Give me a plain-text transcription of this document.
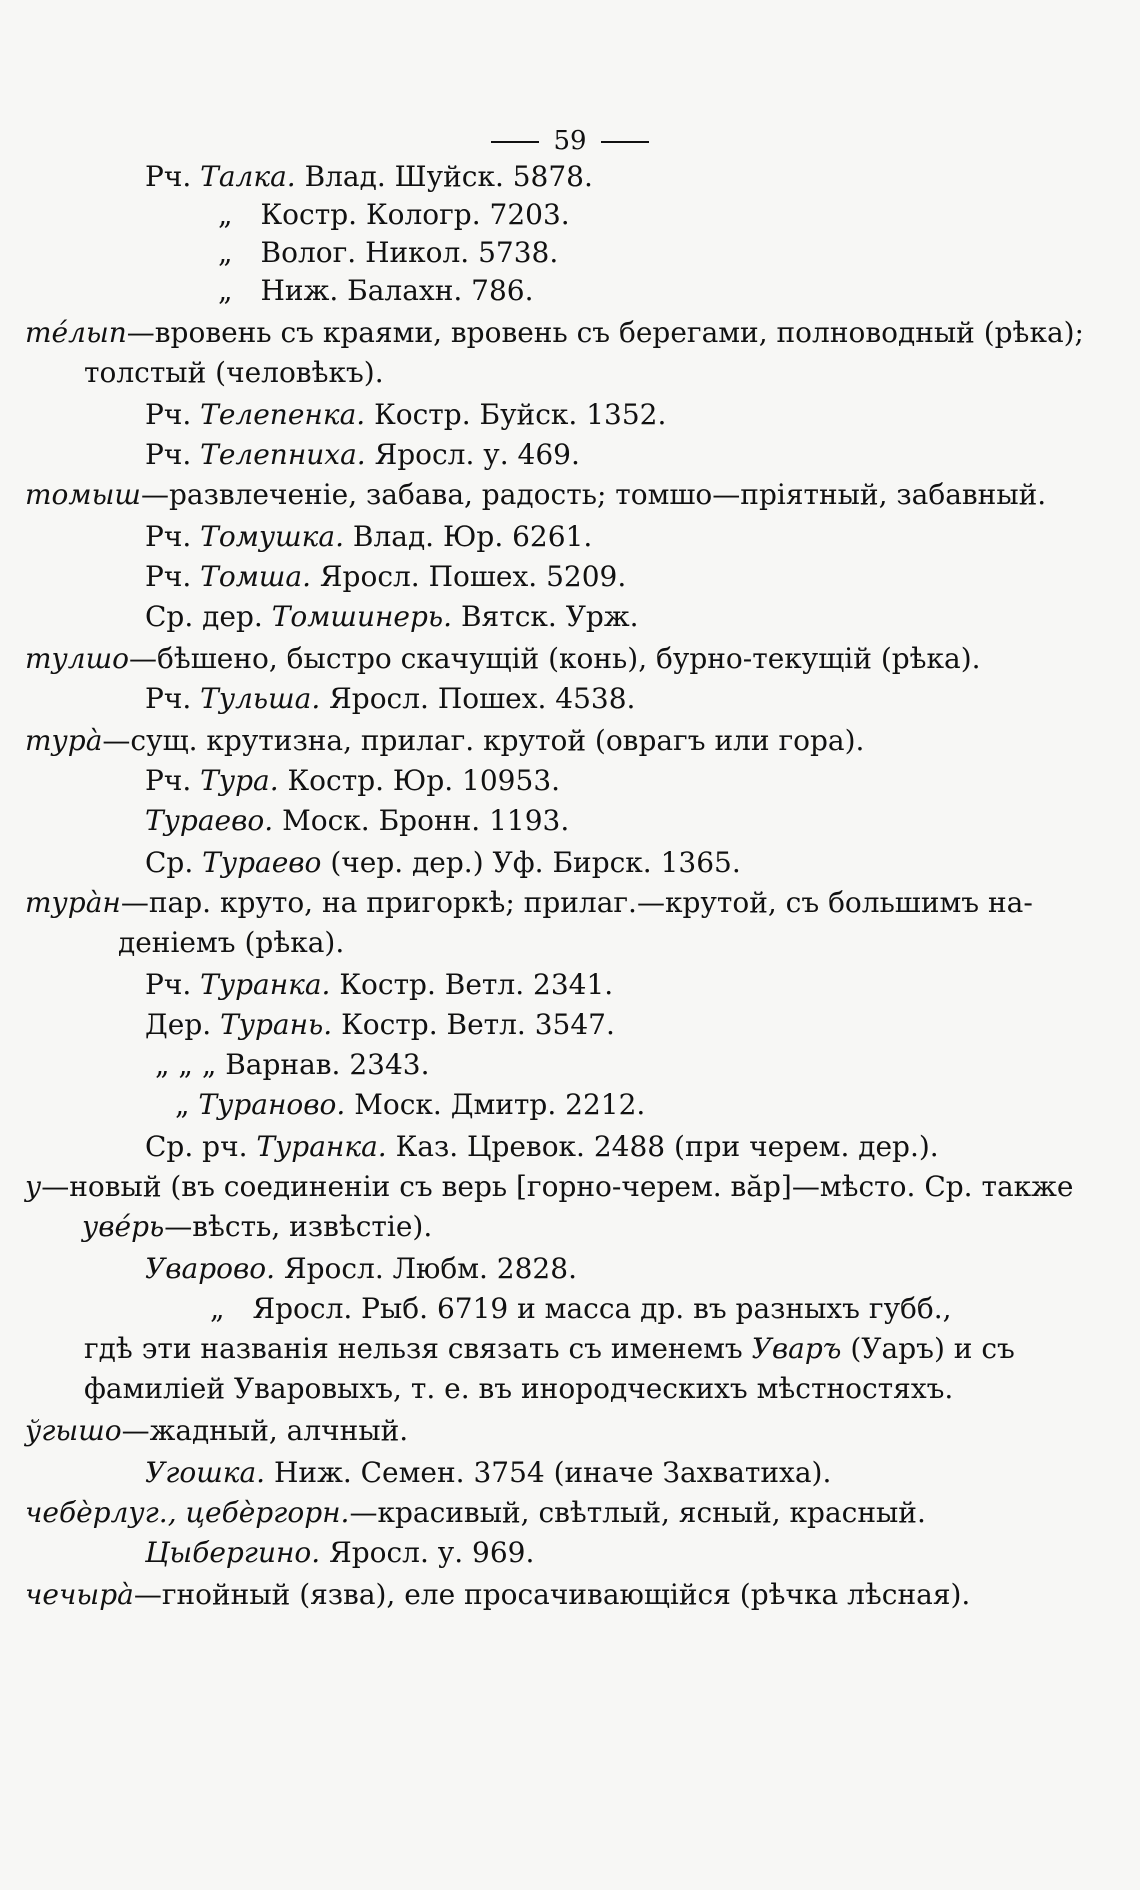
59
Рч. Талка. Влад. Шуйск. 5878.
„ Костр. Кологр. 7203.
„ Волог. Никол. 5738.
„ Ниж. Балахн. 786.
тéлып—вровень съ краями, вровень съ берегами, полноводный (рѣка);
толстый (человѣкъ).
Рч. Телепенка. Костр. Буйск. 1352.
Рч. Телепниха. Яросл. у. 469.
томыш—развлеченіе, забава, радость; томшо—пріятный, забавный.
Рч. Томушка. Влад. Юр. 6261.
Рч. Томша. Яросл. Пошех. 5209.
Ср. дер. Томшинерь. Вятск. Урж.
тулшо—бѣшено, быстро скачущій (конь), бурно-текущій (рѣка).
Рч. Тульша. Яросл. Пошех. 4538.
турà—сущ. крутизна, прилаг. крутой (оврагъ или гора).
Рч. Тура. Костр. Юр. 10953.
Тураево. Моск. Бронн. 1193.
Ср. Тураево (чер. дер.) Уф. Бирск. 1365.
турàн—пар. круто, на пригоркѣ; прилаг.—крутой, съ большимъ на-
деніемъ (рѣка).
Рч. Туранка. Костр. Ветл. 2341.
Дер. Турань. Костр. Ветл. 3547.
„ „ „ Варнав. 2343.
„ Тураново. Моск. Дмитр. 2212.
Ср. рч. Туранка. Каз. Цревок. 2488 (при черем. дер.).
у—новый (въ соединеніи съ верь [горно-черем. вăр]—мѣсто. Ср. также
увéрь—вѣсть, извѣстіе).
Уварово. Яросл. Любм. 2828.
„ Яросл. Рыб. 6719 и масса др. въ разныхъ губб.,
гдѣ эти названія нельзя связать съ именемъ Уваръ (Уаръ) и съ
фамиліей Уваровыхъ, т. е. въ инородческихъ мѣстностяхъ.
ўгышо—жадный, алчный.
Угошка. Ниж. Семен. 3754 (иначе Захватиха).
чебèрлуг., цебèргорн.—красивый, свѣтлый, ясный, красный.
Цыбергино. Яросл. у. 969.
чечырà—гнойный (язва), еле просачивающійся (рѣчка лѣсная).
